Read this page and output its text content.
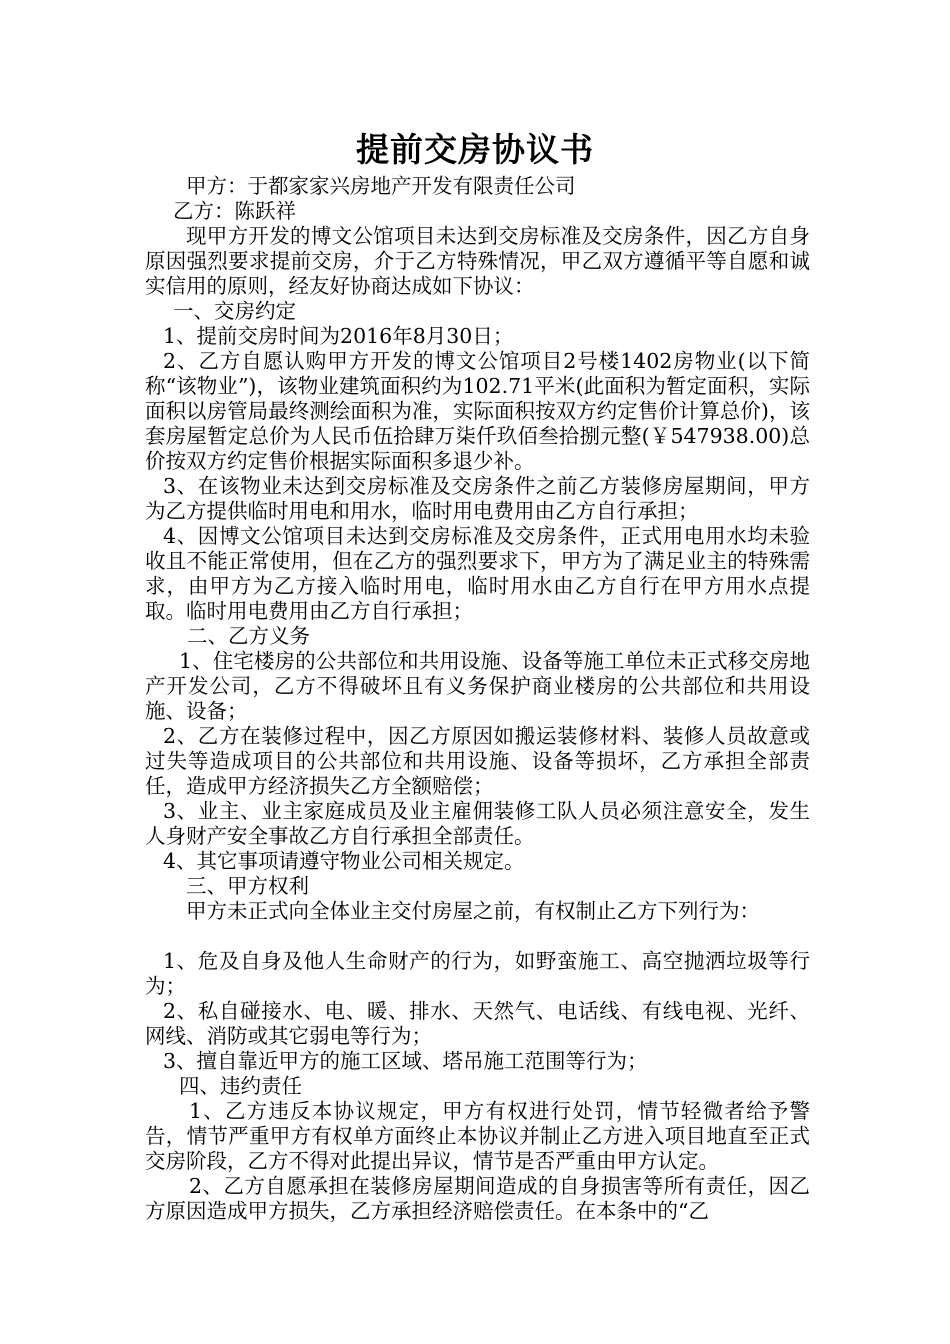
提前交房协议书

甲方：于都家家兴房地产开发有限责任公司

乙方：陈跃祥

现甲方开发的博文公馆项目未达到交房标准及交房条件，因乙方自身原因强烈要求提前交房，介于乙方特殊情况，甲乙双方遵循平等自愿和诚实信用的原则，经友好协商达成如下协议：

一、交房约定

1、提前交房时间为2016年8月30日；

2、乙方自愿认购甲方开发的博文公馆项目2号楼1402房物业(以下简称“该物业”)，该物业建筑面积约为102.71平米(此面积为暂定面积，实际面积以房管局最终测绘面积为准，实际面积按双方约定售价计算总价)，该套房屋暂定总价为人民币伍拾肆万柒仟玖佰叁拾捌元整(￥547938.00)总价按双方约定售价根据实际面积多退少补。

3、在该物业未达到交房标准及交房条件之前乙方装修房屋期间，甲方为乙方提供临时用电和用水，临时用电费用由乙方自行承担；

4、因博文公馆项目未达到交房标准及交房条件，正式用电用水均未验收且不能正常使用，但在乙方的强烈要求下，甲方为了满足业主的特殊需求，由甲方为乙方接入临时用电，临时用水由乙方自行在甲方用水点提取。临时用电费用由乙方自行承担；

二、乙方义务

1、住宅楼房的公共部位和共用设施、设备等施工单位未正式移交房地产开发公司，乙方不得破坏且有义务保护商业楼房的公共部位和共用设施、设备；

2、乙方在装修过程中，因乙方原因如搬运装修材料、装修人员故意或过失等造成项目的公共部位和共用设施、设备等损坏，乙方承担全部责任，造成甲方经济损失乙方全额赔偿；

3、业主、业主家庭成员及业主雇佣装修工队人员必须注意安全，发生人身财产安全事故乙方自行承担全部责任。

4、其它事项请遵守物业公司相关规定。

三、甲方权利

甲方未正式向全体业主交付房屋之前，有权制止乙方下列行为：

1、危及自身及他人生命财产的行为，如野蛮施工、高空抛洒垃圾等行为；

2、私自碰接水、电、暖、排水、天然气、电话线、有线电视、光纤、网线、消防或其它弱电等行为；

3、擅自靠近甲方的施工区域、塔吊施工范围等行为；

四、违约责任

1、乙方违反本协议规定，甲方有权进行处罚，情节轻微者给予警告，情节严重甲方有权单方面终止本协议并制止乙方进入项目地直至正式交房阶段，乙方不得对此提出异议，情节是否严重由甲方认定。

2、乙方自愿承担在装修房屋期间造成的自身损害等所有责任，因乙方原因造成甲方损失，乙方承担经济赔偿责任。在本条中的“乙
